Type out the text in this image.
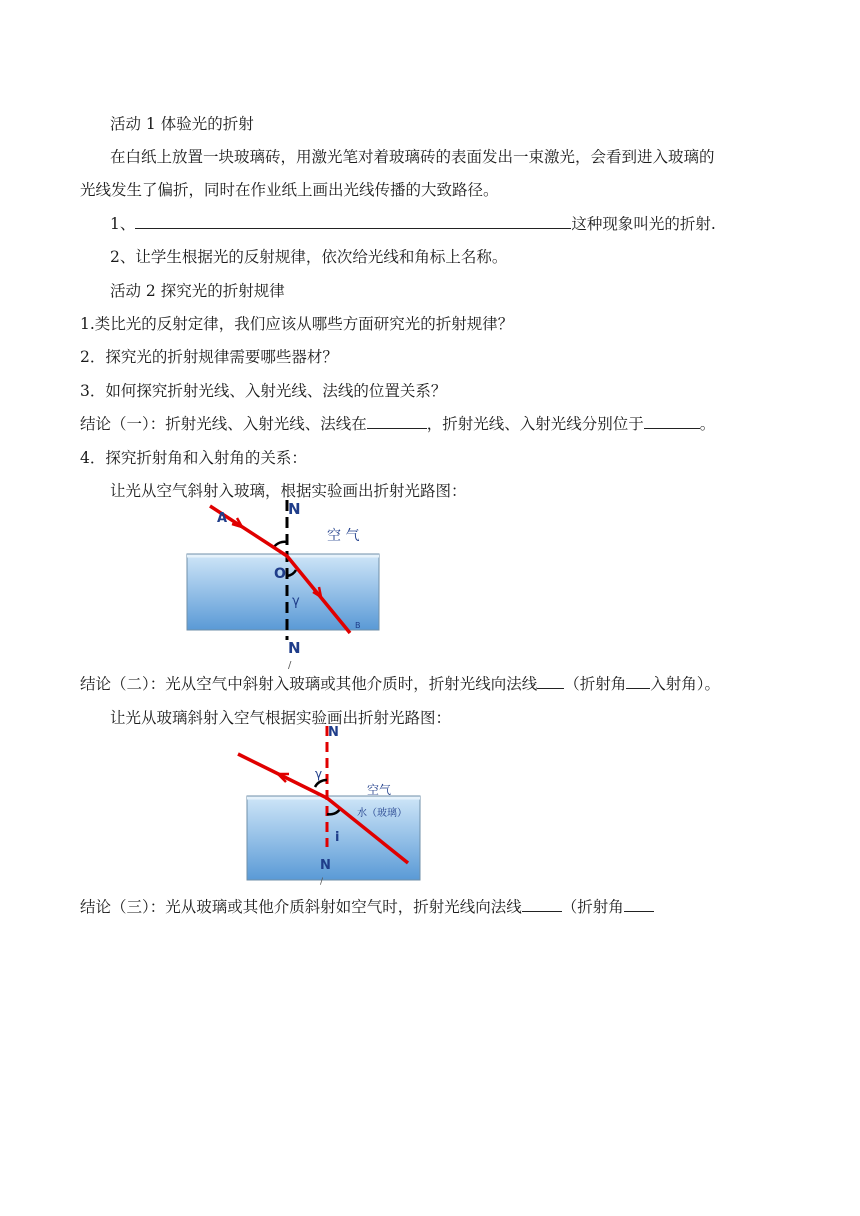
活动 1 体验光的折射
在白纸上放置一块玻璃砖，用激光笔对着玻璃砖的表面发出一束激光，会看到进入玻璃的
光线发生了偏折，同时在作业纸上画出光线传播的大致路径。
1、	这种现象叫光的折射.
2、让学生根据光的反射规律，依次给光线和角标上名称。
活动 2 探究光的折射规律
1.类比光的反射定律，我们应该从哪些方面研究光的折射规律？
2．探究光的折射规律需要哪些器材？
3．如何探究折射光线、入射光线、法线的位置关系？
结论（一）：折射光线、入射光线、法线在	，折射光线、入射光线分别位于	。
4．探究折射角和入射角的关系：
让光从空气斜射入玻璃，根据实验画出折射光路图：
A
N
空 气
O
γ
B
N
/
结论（二）：光从空气中斜射入玻璃或其他介质时，折射光线向法线 （折射角 入射角）。
让光从玻璃斜射入空气根据实验画出折射光路图：
N
γ
空气
水（玻璃）
i
N
/
结论（三）：光从玻璃或其他介质斜射如空气时，折射光线向法线	（折射角
